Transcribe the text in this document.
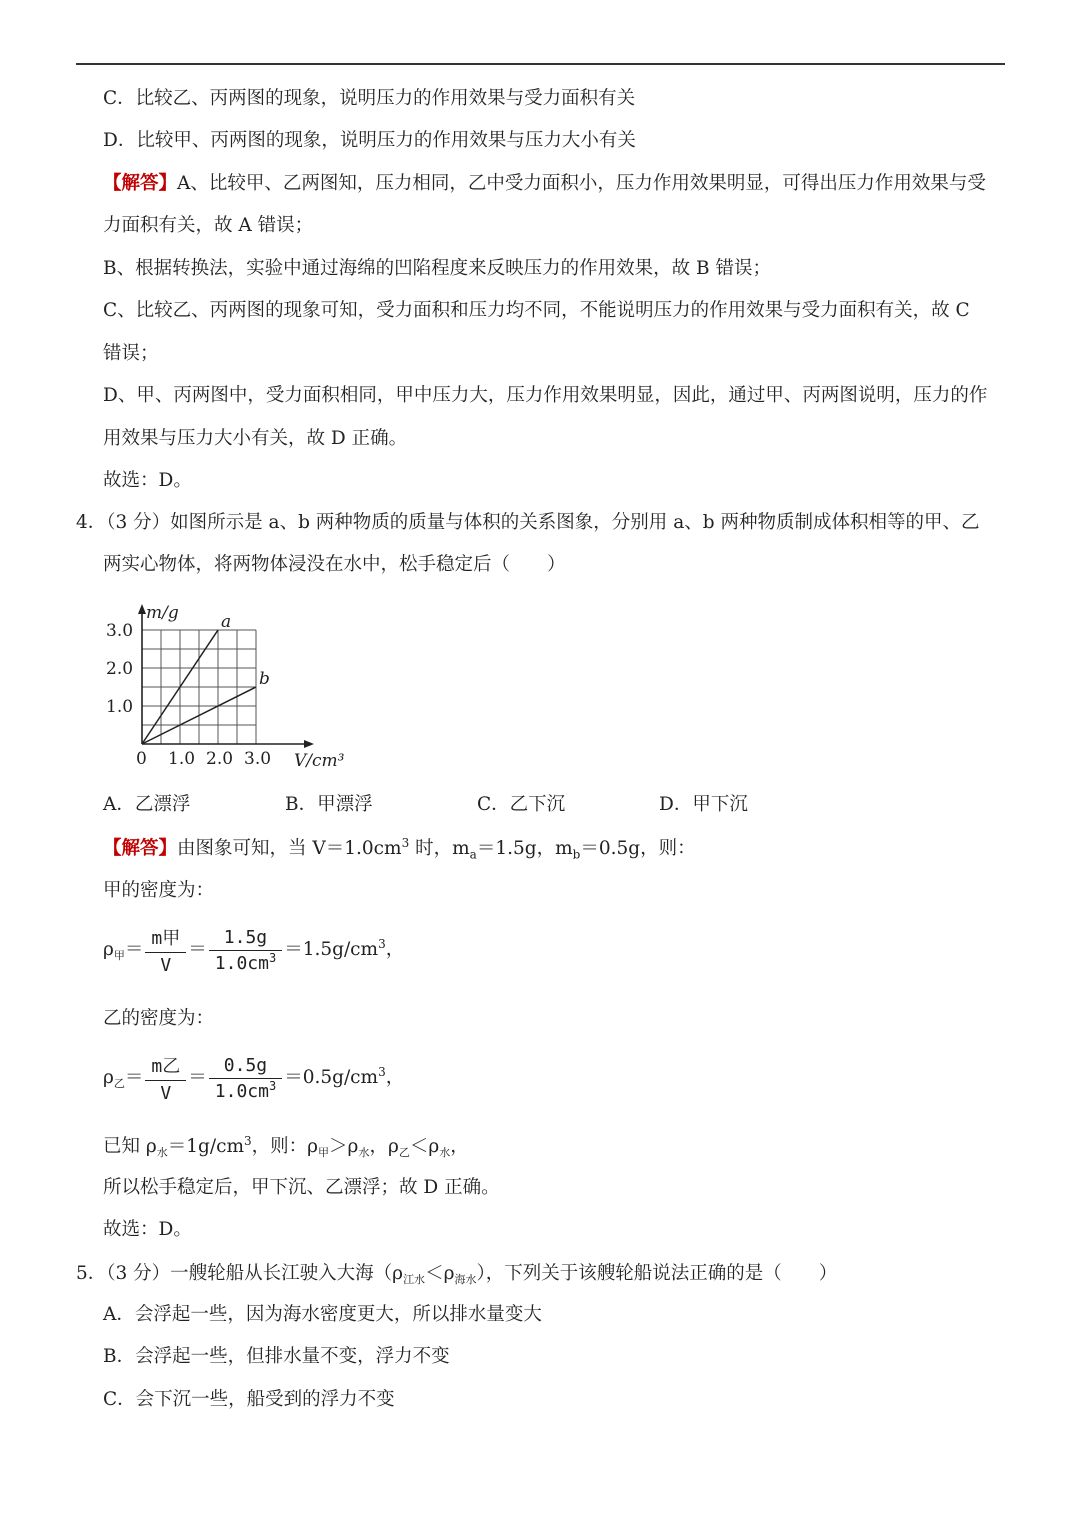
C．比较乙、丙两图的现象，说明压力的作用效果与受力面积有关
D．比较甲、丙两图的现象，说明压力的作用效果与压力大小有关
【解答】A、比较甲、乙两图知，压力相同，乙中受力面积小，压力作用效果明显，可得出压力作用效果与受
力面积有关，故 A 错误；
B、根据转换法，实验中通过海绵的凹陷程度来反映压力的作用效果，故 B 错误；
C、比较乙、丙两图的现象可知，受力面积和压力均不同，不能说明压力的作用效果与受力面积有关，故 C
错误；
D、甲、丙两图中，受力面积相同，甲中压力大，压力作用效果明显，因此，通过甲、丙两图说明，压力的作
用效果与压力大小有关，故 D 正确。
故选：D。
4．（3 分）如图所示是 a、b 两种物质的质量与体积的关系图象，分别用 a、b 两种物质制成体积相等的甲、乙
两实心物体，将两物体浸没在水中，松手稳定后（　　）
a
b
0 1.0 2.0 3.0
1.0
2.0
3.0
V/cm³
m/g
A．乙漂浮	B．甲漂浮	C．乙下沉	D．甲下沉
【解答】由图象可知，当 $V=1.0cm^3$ 时，$m_a=1.5g$，$m_b=0.5g$，则：
甲的密度为：
$\rho_甲= \frac{\text{m甲}}{V} = \frac{1.5g}{1.0cm^3} =1.5g/cm^3$，
乙的密度为：
$\rho_乙= \frac{\text{m乙}}{V} = \frac{0.5g}{1.0cm^3} =0.5g/cm^3$，
已知 $\rho_水=1g/cm^3$，则：$\rho_甲>\rho_水$，$\rho_乙<\rho_水$，
所以松手稳定后，甲下沉、乙漂浮；故 D 正确。
故选：D。
5．（3 分）一艘轮船从长江驶入大海$(\rho_{江水}<\rho_{海水})$，下列关于该艘轮船说法正确的是（　　）
A．会浮起一些，因为海水密度更大，所以排水量变大
B．会浮起一些，但排水量不变，浮力不变
C．会下沉一些，船受到的浮力不变
